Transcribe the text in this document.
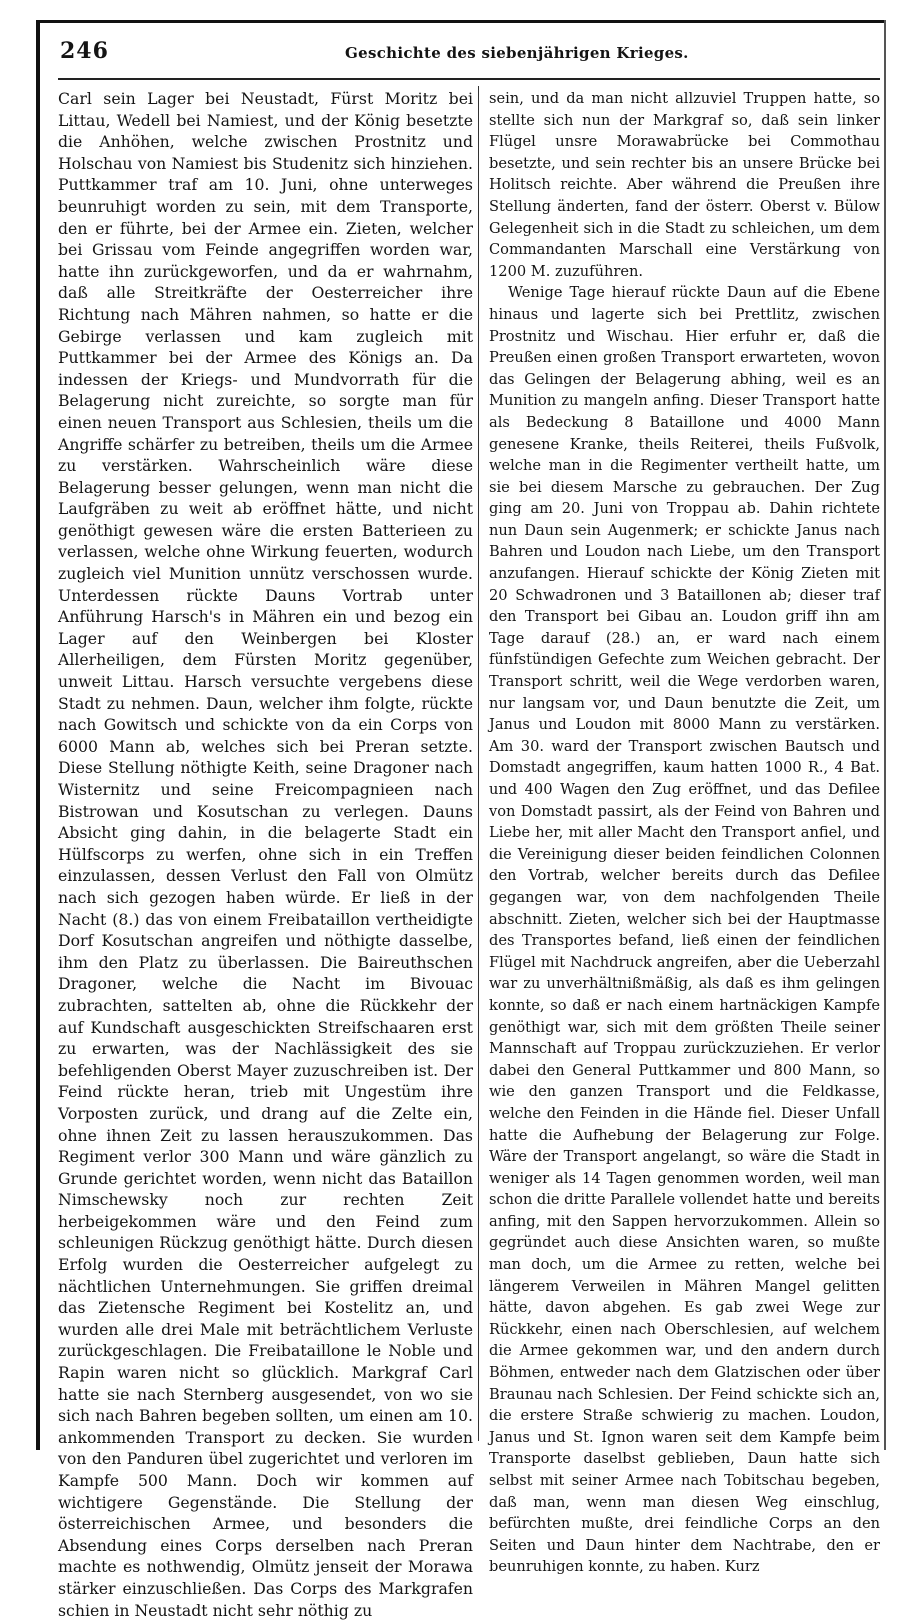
246	Geschichte des siebenjährigen Krieges.

Carl sein Lager bei Neustadt, Fürst Moritz bei Littau, Wedell bei Namiest, und der König besetzte die Anhöhen, welche zwischen Prostnitz und Holschau von Namiest bis Studenitz sich hinziehen. Puttkammer traf am 10. Juni, ohne unterweges beunruhigt worden zu sein, mit dem Transporte, den er führte, bei der Armee ein. Zieten, welcher bei Grissau vom Feinde angegriffen worden war, hatte ihn zurückgeworfen, und da er wahrnahm, daß alle Streitkräfte der Oesterreicher ihre Richtung nach Mähren nahmen, so hatte er die Gebirge verlassen und kam zugleich mit Puttkammer bei der Armee des Königs an. Da indessen der Kriegs- und Mundvorrath für die Belagerung nicht zureichte, so sorgte man für einen neuen Transport aus Schlesien, theils um die Angriffe schärfer zu betreiben, theils um die Armee zu verstärken. Wahrscheinlich wäre diese Belagerung besser gelungen, wenn man nicht die Laufgräben zu weit ab eröffnet hätte, und nicht genöthigt gewesen wäre die ersten Batterieen zu verlassen, welche ohne Wirkung feuerten, wodurch zugleich viel Munition unnütz verschossen wurde. Unterdessen rückte Dauns Vortrab unter Anführung Harsch's in Mähren ein und bezog ein Lager auf den Weinbergen bei Kloster Allerheiligen, dem Fürsten Moritz gegenüber, unweit Littau. Harsch versuchte vergebens diese Stadt zu nehmen. Daun, welcher ihm folgte, rückte nach Gowitsch und schickte von da ein Corps von 6000 Mann ab, welches sich bei Preran setzte. Diese Stellung nöthigte Keith, seine Dragoner nach Wisternitz und seine Freicompagnieen nach Bistrowan und Kosutschan zu verlegen. Dauns Absicht ging dahin, in die belagerte Stadt ein Hülfscorps zu werfen, ohne sich in ein Treffen einzulassen, dessen Verlust den Fall von Olmütz nach sich gezogen haben würde. Er ließ in der Nacht (8.) das von einem Freibataillon vertheidigte Dorf Kosutschan angreifen und nöthigte dasselbe, ihm den Platz zu überlassen. Die Baireuthschen Dragoner, welche die Nacht im Bivouac zubrachten, sattelten ab, ohne die Rückkehr der auf Kundschaft ausgeschickten Streifschaaren erst zu erwarten, was der Nachlässigkeit des sie befehligenden Oberst Mayer zuzuschreiben ist. Der Feind rückte heran, trieb mit Ungestüm ihre Vorposten zurück, und drang auf die Zelte ein, ohne ihnen Zeit zu lassen herauszukommen. Das Regiment verlor 300 Mann und wäre gänzlich zu Grunde gerichtet worden, wenn nicht das Bataillon Nimschewsky noch zur rechten Zeit herbeigekommen wäre und den Feind zum schleunigen Rückzug genöthigt hätte. Durch diesen Erfolg wurden die Oesterreicher aufgelegt zu nächtlichen Unternehmungen. Sie griffen dreimal das Zietensche Regiment bei Kostelitz an, und wurden alle drei Male mit beträchtlichem Verluste zurückgeschlagen. Die Freibataillone le Noble und Rapin waren nicht so glücklich. Markgraf Carl hatte sie nach Sternberg ausgesendet, von wo sie sich nach Bahren begeben sollten, um einen am 10. ankommenden Transport zu decken. Sie wurden von den Panduren übel zugerichtet und verloren im Kampfe 500 Mann. Doch wir kommen auf wichtigere Gegenstände. Die Stellung der österreichischen Armee, und besonders die Absendung eines Corps derselben nach Preran machte es nothwendig, Olmütz jenseit der Morawa stärker einzuschließen. Das Corps des Markgrafen schien in Neustadt nicht sehr nöthig zu

sein, und da man nicht allzuviel Truppen hatte, so stellte sich nun der Markgraf so, daß sein linker Flügel unsre Morawabrücke bei Commothau besetzte, und sein rechter bis an unsere Brücke bei Holitsch reichte. Aber während die Preußen ihre Stellung änderten, fand der österr. Oberst v. Bülow Gelegenheit sich in die Stadt zu schleichen, um dem Commandanten Marschall eine Verstärkung von 1200 M. zuzuführen.

Wenige Tage hierauf rückte Daun auf die Ebene hinaus und lagerte sich bei Prettlitz, zwischen Prostnitz und Wischau. Hier erfuhr er, daß die Preußen einen großen Transport erwarteten, wovon das Gelingen der Belagerung abhing, weil es an Munition zu mangeln anfing. Dieser Transport hatte als Bedeckung 8 Bataillone und 4000 Mann genesene Kranke, theils Reiterei, theils Fußvolk, welche man in die Regimenter vertheilt hatte, um sie bei diesem Marsche zu gebrauchen. Der Zug ging am 20. Juni von Troppau ab. Dahin richtete nun Daun sein Augenmerk; er schickte Janus nach Bahren und Loudon nach Liebe, um den Transport anzufangen. Hierauf schickte der König Zieten mit 20 Schwadronen und 3 Bataillonen ab; dieser traf den Transport bei Gibau an. Loudon griff ihn am Tage darauf (28.) an, er ward nach einem fünfstündigen Gefechte zum Weichen gebracht. Der Transport schritt, weil die Wege verdorben waren, nur langsam vor, und Daun benutzte die Zeit, um Janus und Loudon mit 8000 Mann zu verstärken. Am 30. ward der Transport zwischen Bautsch und Domstadt angegriffen, kaum hatten 1000 R., 4 Bat. und 400 Wagen den Zug eröffnet, und das Defilee von Domstadt passirt, als der Feind von Bahren und Liebe her, mit aller Macht den Transport anfiel, und die Vereinigung dieser beiden feindlichen Colonnen den Vortrab, welcher bereits durch das Defilee gegangen war, von dem nachfolgenden Theile abschnitt. Zieten, welcher sich bei der Hauptmasse des Transportes befand, ließ einen der feindlichen Flügel mit Nachdruck angreifen, aber die Ueberzahl war zu unverhältnißmäßig, als daß es ihm gelingen konnte, so daß er nach einem hartnäckigen Kampfe genöthigt war, sich mit dem größten Theile seiner Mannschaft auf Troppau zurückzuziehen. Er verlor dabei den General Puttkammer und 800 Mann, so wie den ganzen Transport und die Feldkasse, welche den Feinden in die Hände fiel. Dieser Unfall hatte die Aufhebung der Belagerung zur Folge. Wäre der Transport angelangt, so wäre die Stadt in weniger als 14 Tagen genommen worden, weil man schon die dritte Parallele vollendet hatte und bereits anfing, mit den Sappen hervorzukommen. Allein so gegründet auch diese Ansichten waren, so mußte man doch, um die Armee zu retten, welche bei längerem Verweilen in Mähren Mangel gelitten hätte, davon abgehen. Es gab zwei Wege zur Rückkehr, einen nach Oberschlesien, auf welchem die Armee gekommen war, und den andern durch Böhmen, entweder nach dem Glatzischen oder über Braunau nach Schlesien. Der Feind schickte sich an, die erstere Straße schwierig zu machen. Loudon, Janus und St. Ignon waren seit dem Kampfe beim Transporte daselbst geblieben, Daun hatte sich selbst mit seiner Armee nach Tobitschau begeben, daß man, wenn man diesen Weg einschlug, befürchten mußte, drei feindliche Corps an den Seiten und Daun hinter dem Nachtrabe, den er beunruhigen konnte, zu haben. Kurz
